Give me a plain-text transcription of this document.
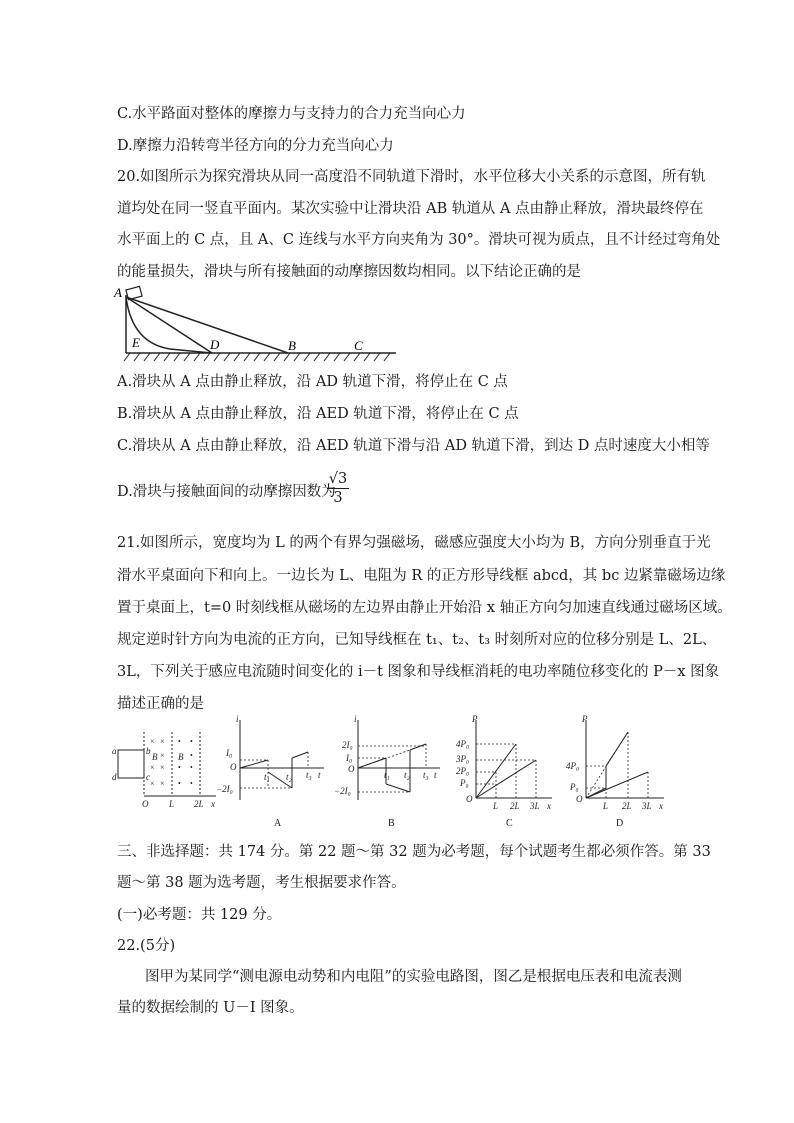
C.水平路面对整体的摩擦力与支持力的合力充当向心力
D.摩擦力沿转弯半径方向的分力充当向心力
20.如图所示为探究滑块从同一高度沿不同轨道下滑时，水平位移大小关系的示意图，所有轨
道均处在同一竖直平面内。某次实验中让滑块沿 AB 轨道从 A 点由静止释放，滑块最终停在
水平面上的 C 点，且 A、C 连线与水平方向夹角为 30°。滑块可视为质点，且不计经过弯角处
的能量损失，滑块与所有接触面的动摩擦因数均相同。以下结论正确的是
A
E	D	B	C
A.滑块从 A 点由静止释放，沿 AD 轨道下滑，将停止在 C 点
B.滑块从 A 点由静止释放，沿 AED 轨道下滑，将停止在 C 点
C.滑块从 A 点由静止释放，沿 AED 轨道下滑与沿 AD 轨道下滑，到达 D 点时速度大小相等
D.滑块与接触面间的动摩擦因数为
$\frac{√3}{3}$
21.如图所示，宽度均为 L 的两个有界匀强磁场，磁感应强度大小均为 B，方向分别垂直于光
滑水平桌面向下和向上。一边长为 L、电阻为 R 的正方形导线框 abcd，其 bc 边紧靠磁场边缘
置于桌面上，t=0 时刻线框从磁场的左边界由静止开始沿 x 轴正方向匀加速直线通过磁场区域。
规定逆时针方向为电流的正方向，已知导线框在 t₁、t₂、t₃ 时刻所对应的位移分别是 L、2L、
3L，下列关于感应电流随时间变化的 i－t 图象和导线框消耗的电功率随位移变化的 P－x 图象
描述正确的是
a	b
c
d
× ×
×
× ×
× ×
• •
•
• •
• •
B B
O L 2L x
i
I₀
O
−2I₀
t₁ t₂ t₃ t
A
i
2I₀
I₀
O
−2I₀
t₁ t₂ t₃ t
B
P
4P₀
3P₀
2P₀
P₀
O
L 2L 3L x
C
P
4P₀
P₀
O
L 2L 3L x
D
三、非选择题：共 174 分。第 22 题～第 32 题为必考题，每个试题考生都必须作答。第 33
题～第 38 题为选考题，考生根据要求作答。
(一)必考题：共 129 分。
22.(5分)
图甲为某同学“测电源电动势和内电阻”的实验电路图，图乙是根据电压表和电流表测
量的数据绘制的 U－I 图象。
